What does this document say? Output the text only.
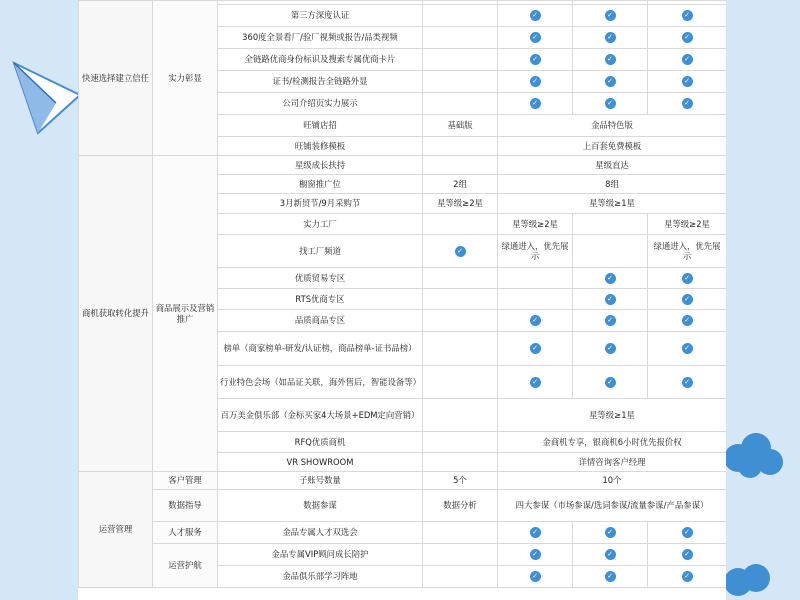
快速选择建立信任	实力彰显					
		第三方深度认证		✓	✓	✓
		360度全景看厂/验厂视频或报告/品类视频		✓	✓	✓
		全链路优商身份标识及搜索专属优商卡片		✓	✓	✓
		证书/检测报告全链路外显		✓	✓	✓
		公司介绍页实力展示		✓	✓	✓
		旺铺店招	基础版	金品特色版		
		旺铺装修模板		上百套免费模板		
商机获取转化提升	商品展示及营销推广	星级成长扶持		星级直达		
		橱窗推广位	2组	8组		
		3月新贸节/9月采购节	星等级≥2星	星等级≥1星		
		实力工厂		星等级≥2星		星等级≥2星
		找工厂频道	✓	绿通进入，优先展示		绿通进入，优先展示
		优质贸易专区			✓	✓
		RTS优商专区			✓	✓
		品质商品专区		✓	✓	✓
		榜单（商家榜单-研发/认证榜，商品榜单-证书品榜）		✓	✓	✓
		行业特色会场（如品证关联，海外售后，智能设备等）		✓	✓	✓
		百万美金俱乐部（金标买家4大场景+EDM定向营销）		星等级≥1星		
		RFQ优质商机		金商机专享，银商机6小时优先报价权		
		VR SHOWROOM		详情咨询客户经理		
运营管理	客户管理	子账号数量	5个	10个		
	数据指导	数据参谋	数据分析	四大参谋（市场参谋/选词参谋/流量参谋/产品参谋）		
	人才服务	金品专属人才双选会		✓	✓	✓
	运营护航	金品专属VIP顾问成长陪护		✓	✓	✓
		金品俱乐部学习阵地		✓	✓	✓
